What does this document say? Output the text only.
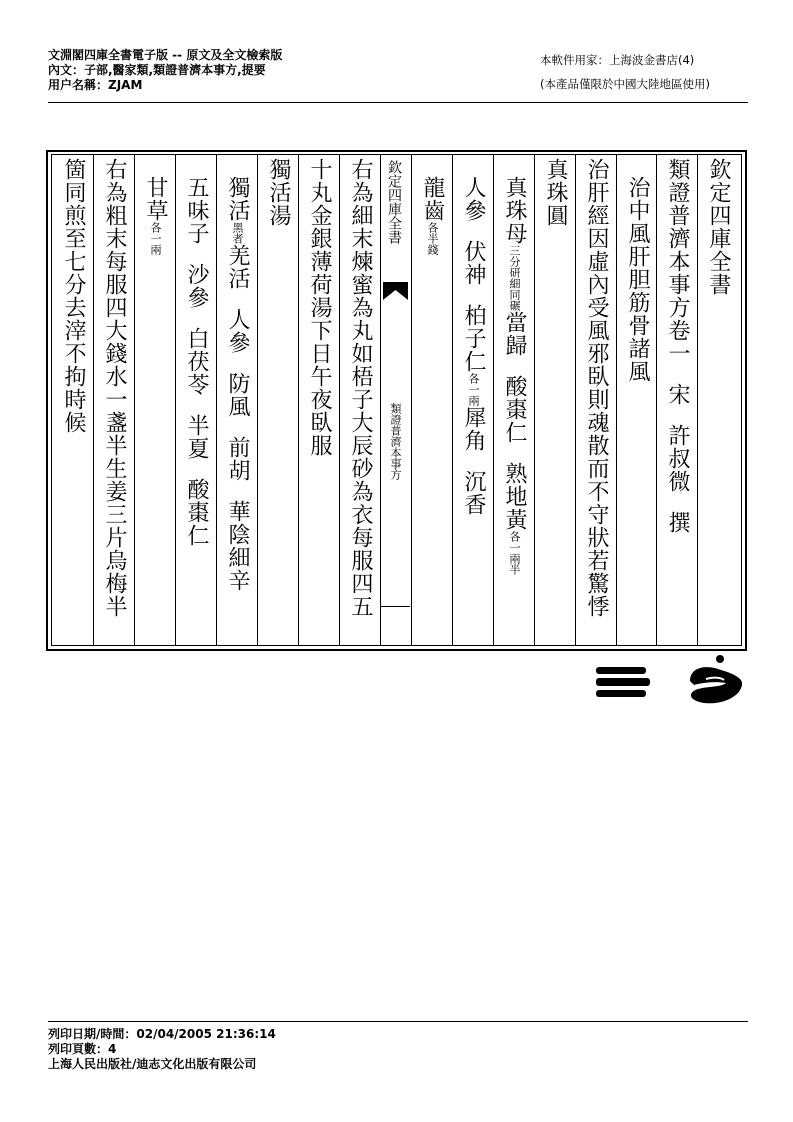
文淵閣四庫全書電子版 -- 原文及全文檢索版
內文：子部,醫家類,類證普濟本事方,提要
用户名稱：ZJAM
本軟件用家：上海波金書店(4)
(本產品僅限於中國大陸地區使用)
欽定四庫全書
類證普濟本事方卷一宋許叔微撰
治中風肝胆筋骨諸風
治肝經因虛內受風邪臥則魂散而不守狀若驚悸
真珠圓
真珠母三分研細同碾當歸酸棗仁熟地黃各一兩半
人參伏神柏子仁各一兩犀角沉香
龍齒各半錢
欽定四庫全書
類證普濟本事方
右為細末煉蜜為丸如梧子大辰砂為衣每服四五
十丸金銀薄荷湯下日午夜臥服
獨活湯
獨活黑者羌活人參防風前胡華陰細辛
五味子沙參白茯苓半夏酸棗仁
甘草各一兩
右為粗末每服四大錢水一盞半生姜三片烏梅半
箇同煎至七分去滓不拘時候
列印日期/時間：02/04/2005 21:36:14
列印頁數：4
上海人民出版社/迪志文化出版有限公司
